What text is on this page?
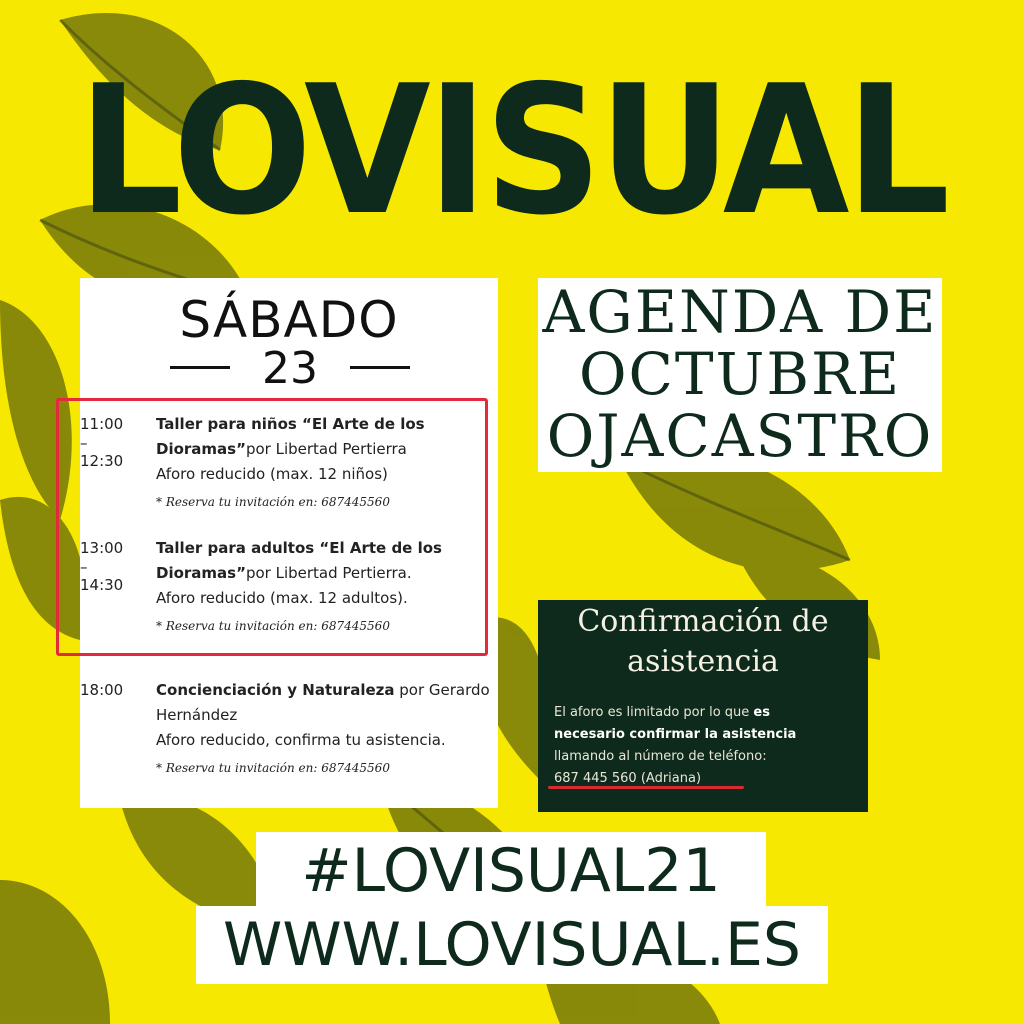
LOVISUAL
SÁBADO
23
11:00
–
12:30
Taller para niños “El Arte de los Dioramas”por Libertad Pertierra
Aforo reducido (max. 12 niños)
* Reserva tu invitación en: 687445560
13:00
–
14:30
Taller para adultos “El Arte de los Dioramas”por Libertad Pertierra.
Aforo reducido (max. 12 adultos).
* Reserva tu invitación en: 687445560
18:00	Concienciación y Naturaleza por Gerardo Hernández
Aforo reducido, confirma tu asistencia.
* Reserva tu invitación en: 687445560
AGENDA DE
OCTUBRE
OJACASTRO
Confirmación de
asistencia
El aforo es limitado por lo que es
necesario confirmar la asistencia
llamando al número de teléfono:
687 445 560 (Adriana)
#LOVISUAL21
WWW.LOVISUAL.ES
